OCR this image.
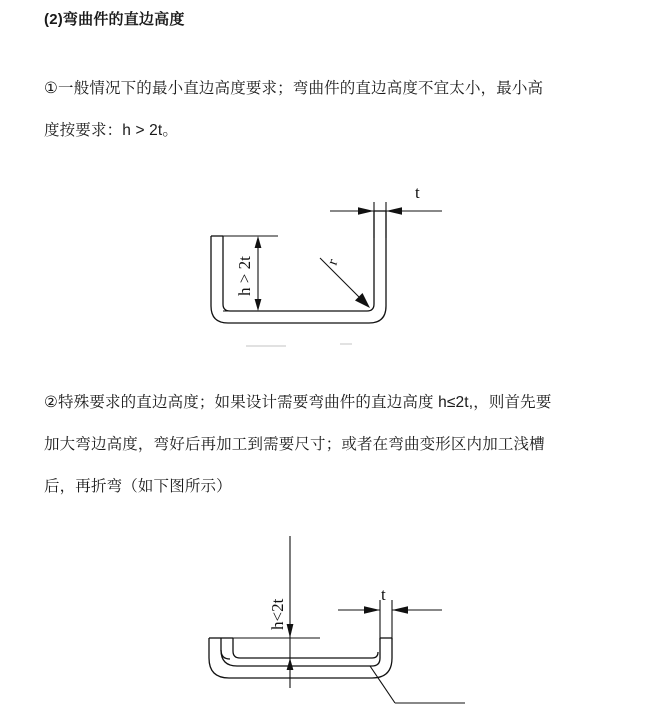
(2)弯曲件的直边高度
①一般情况下的最小直边高度要求；弯曲件的直边高度不宜太小，最小高
度按要求：h > 2t。
h > 2t	r
t
②特殊要求的直边高度；如果设计需要弯曲件的直边高度 h≤2t,，则首先要
加大弯边高度，弯好后再加工到需要尺寸；或者在弯曲变形区内加工浅槽
后，再折弯（如下图所示）
h<2t
t
